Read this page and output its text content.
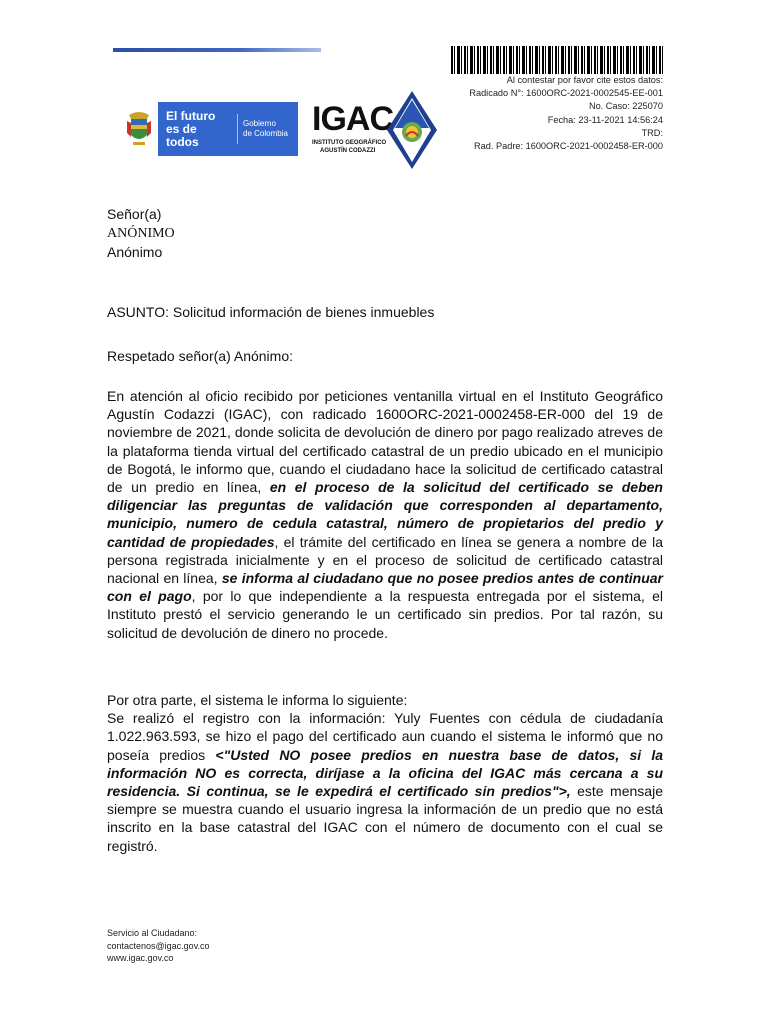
El futuro
es de todos
Gobierno
de Colombia IGAC
INSTITUTO GEOGRÁFICO
AGUSTÍN CODAZZI
Al contestar por favor cite estos datos:
Radicado N°: 1600ORC-2021-0002545-EE-001
No. Caso: 225070
Fecha: 23-11-2021 14:56:24
TRD:
Rad. Padre: 1600ORC-2021-0002458-ER-000
Señor(a)
ANÓNIMO
Anónimo
ASUNTO: Solicitud información de bienes inmuebles
Respetado señor(a) Anónimo:
En atención al oficio recibido por peticiones ventanilla virtual en el Instituto Geográfico Agustín Codazzi (IGAC), con radicado 1600ORC-2021-0002458-ER-000 del 19 de noviembre de 2021, donde solicita de devolución de dinero por pago realizado atreves de la plataforma tienda virtual del certificado catastral de un predio ubicado en el municipio de Bogotá, le informo que, cuando el ciudadano hace la solicitud de certificado catastral de un predio en línea, en el proceso de la solicitud del certificado se deben diligenciar las preguntas de validación que corresponden al departamento, municipio, numero de cedula catastral, número de propietarios del predio y cantidad de propiedades, el trámite del certificado en línea se genera a nombre de la persona registrada inicialmente y en el proceso de solicitud de certificado catastral nacional en línea, se informa al ciudadano que no posee predios antes de continuar con el pago, por lo que independiente a la respuesta entregada por el sistema, el Instituto prestó el servicio generando le un certificado sin predios. Por tal razón, su solicitud de devolución de dinero no procede.
Por otra parte, el sistema le informa lo siguiente:
Se realizó el registro con la información: Yuly Fuentes con cédula de ciudadanía 1.022.963.593, se hizo el pago del certificado aun cuando el sistema le informó que no poseía predios <"Usted NO posee predios en nuestra base de datos, si la información NO es correcta, diríjase a la oficina del IGAC más cercana a su residencia. Si continua, se le expedirá el certificado sin predios">, este mensaje siempre se muestra cuando el usuario ingresa la información de un predio que no está inscrito en la base catastral del IGAC con el número de documento con el cual se registró.
Servicio al Ciudadano:
contactenos@igac.gov.co
www.igac.gov.co
